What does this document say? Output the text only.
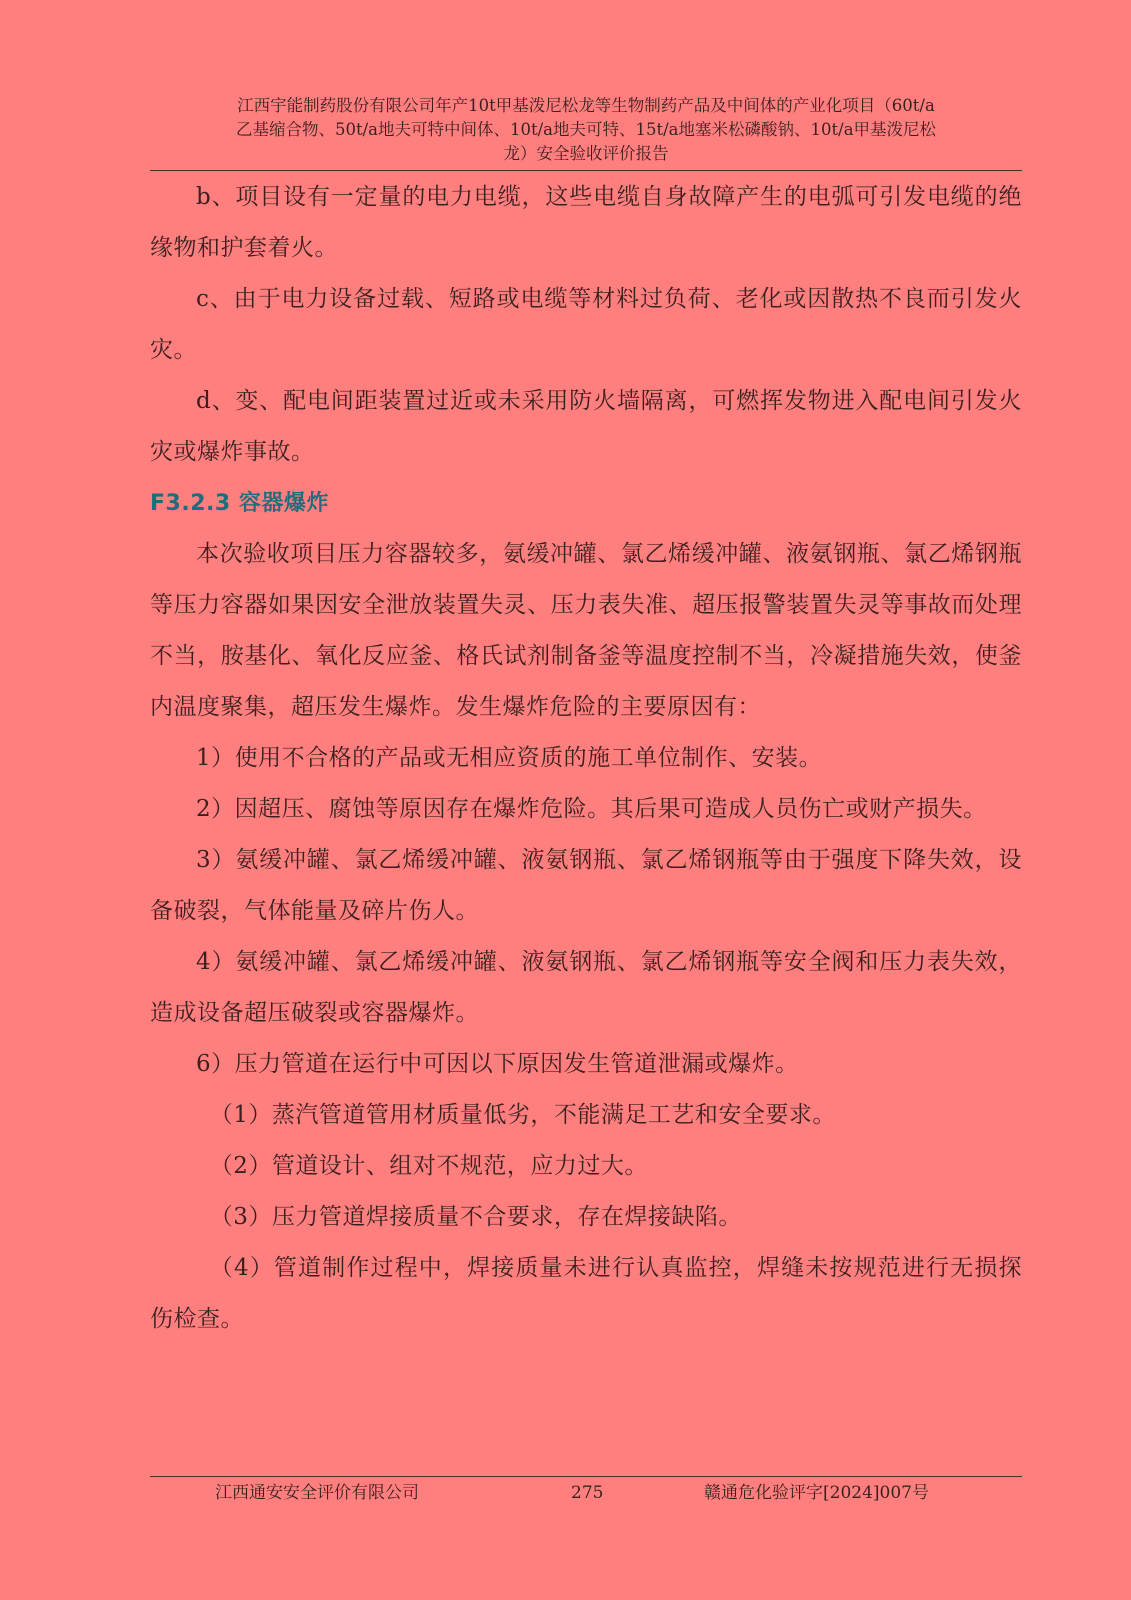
江西宇能制药股份有限公司年产10t甲基泼尼松龙等生物制药产品及中间体的产业化项目（60t/a
乙基缩合物、50t/a地夫可特中间体、10t/a地夫可特、15t/a地塞米松磷酸钠、10t/a甲基泼尼松
龙）安全验收评价报告

b、项目设有一定量的电力电缆，这些电缆自身故障产生的电弧可引发电缆的绝缘物和护套着火。

c、由于电力设备过载、短路或电缆等材料过负荷、老化或因散热不良而引发火灾。

d、变、配电间距装置过近或未采用防火墙隔离，可燃挥发物进入配电间引发火灾或爆炸事故。

F3.2.3 容器爆炸

本次验收项目压力容器较多，氨缓冲罐、氯乙烯缓冲罐、液氨钢瓶、氯乙烯钢瓶等压力容器如果因安全泄放装置失灵、压力表失准、超压报警装置失灵等事故而处理不当，胺基化、氧化反应釜、格氏试剂制备釜等温度控制不当，冷凝措施失效，使釜内温度聚集，超压发生爆炸。发生爆炸危险的主要原因有：

1）使用不合格的产品或无相应资质的施工单位制作、安装。

2）因超压、腐蚀等原因存在爆炸危险。其后果可造成人员伤亡或财产损失。

3）氨缓冲罐、氯乙烯缓冲罐、液氨钢瓶、氯乙烯钢瓶等由于强度下降失效，设备破裂，气体能量及碎片伤人。

4）氨缓冲罐、氯乙烯缓冲罐、液氨钢瓶、氯乙烯钢瓶等安全阀和压力表失效，造成设备超压破裂或容器爆炸。

6）压力管道在运行中可因以下原因发生管道泄漏或爆炸。

（1）蒸汽管道管用材质量低劣，不能满足工艺和安全要求。

（2）管道设计、组对不规范，应力过大。

（3）压力管道焊接质量不合要求，存在焊接缺陷。

（4）管道制作过程中，焊接质量未进行认真监控，焊缝未按规范进行无损探伤检查。

江西通安安全评价有限公司	275	赣通危化验评字[2024]007号
